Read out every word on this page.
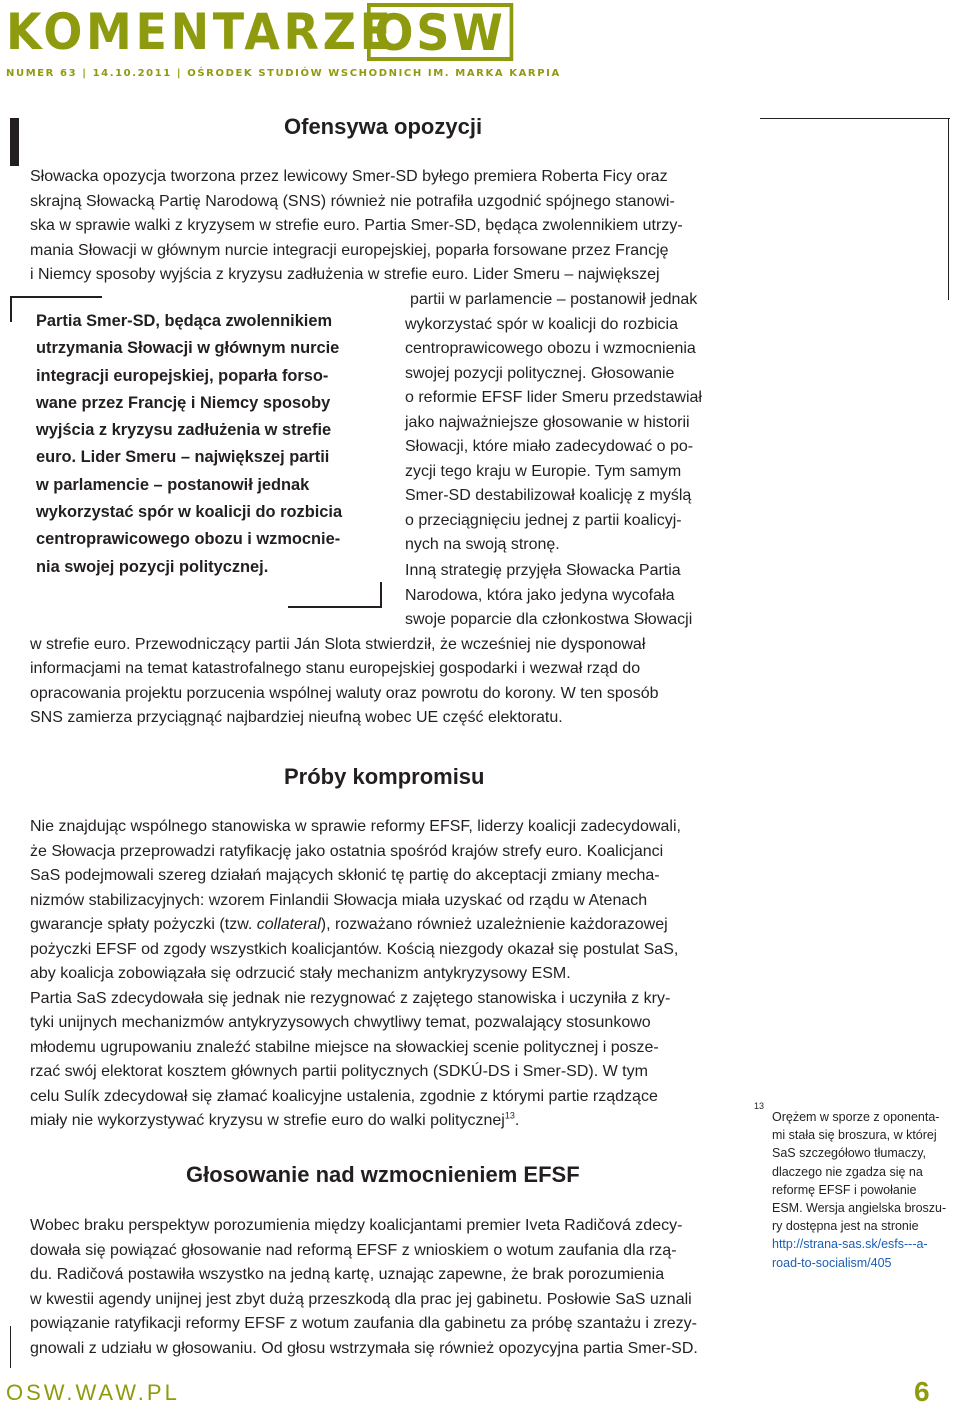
KOMENTARZE
OSW
NUMER 63 | 14.10.2011 | OŚRODEK STUDIÓW WSCHODNICH IM. MARKA KARPIA
Ofensywa opozycji
Słowacka opozycja tworzona przez lewicowy Smer-SD byłego premiera Roberta Ficy oraz
skrajną Słowacką Partię Narodową (SNS) również nie potrafiła uzgodnić spójnego stanowi-
ska w sprawie walki z kryzysem w strefie euro. Partia Smer-SD, będąca zwolennikiem utrzy-
mania Słowacji w głównym nurcie integracji europejskiej, poparła forsowane przez Francję
i Niemcy sposoby wyjścia z kryzysu zadłużenia w strefie euro. Lider Smeru – największej
partii w parlamencie – postanowił jednak
wykorzystać spór w koalicji do rozbicia
centroprawicowego obozu i wzmocnienia
swojej pozycji politycznej. Głosowanie
o reformie EFSF lider Smeru przedstawiał
jako najważniejsze głosowanie w historii
Słowacji, które miało zadecydować o po-
zycji tego kraju w Europie. Tym samym
Smer-SD destabilizował koalicję z myślą
o przeciągnięciu jednej z partii koalicyj-
nych na swoją stronę.
Inną strategię przyjęła Słowacka Partia
Narodowa, która jako jedyna wycofała
swoje poparcie dla członkostwa Słowacji
w strefie euro. Przewodniczący partii Ján Slota stwierdził, że wcześniej nie dysponował
informacjami na temat katastrofalnego stanu europejskiej gospodarki i wezwał rząd do
opracowania projektu porzucenia wspólnej waluty oraz powrotu do korony. W ten sposób
SNS zamierza przyciągnąć najbardziej nieufną wobec UE część elektoratu.
Partia Smer-SD, będąca zwolennikiem
utrzymania Słowacji w głównym nurcie
integracji europejskiej, poparła forso-
wane przez Francję i Niemcy sposoby
wyjścia z kryzysu zadłużenia w strefie
euro. Lider Smeru – największej partii
w parlamencie – postanowił jednak
wykorzystać spór w koalicji do rozbicia
centroprawicowego obozu i wzmocnie-
nia swojej pozycji politycznej.
Próby kompromisu
Nie znajdując wspólnego stanowiska w sprawie reformy EFSF, liderzy koalicji zadecydowali,
że Słowacja przeprowadzi ratyfikację jako ostatnia spośród krajów strefy euro. Koalicjanci
SaS podejmowali szereg działań mających skłonić tę partię do akceptacji zmiany mecha-
nizmów stabilizacyjnych: wzorem Finlandii Słowacja miała uzyskać od rządu w Atenach
gwarancje spłaty pożyczki (tzw.
collateral ), rozważano również uzależnienie każdorazowej
pożyczki EFSF od zgody wszystkich koalicjantów. Kością niezgody okazał się postulat SaS,
aby koalicja zobowiązała się odrzucić stały mechanizm antykryzysowy ESM.
Partia SaS zdecydowała się jednak nie rezygnować z zajętego stanowiska i uczyniła z kry-
tyki unijnych mechanizmów antykryzysowych chwytliwy temat, pozwalający stosunkowo
młodemu ugrupowaniu znaleźć stabilne miejsce na słowackiej scenie politycznej i posze-
rzać swój elektorat kosztem głównych partii politycznych (SDKÚ-DS i Smer-SD). W tym
celu Sulík zdecydował się złamać koalicyjne ustalenia, zgodnie z którymi partie rządzące
miały nie wykorzystywać kryzysu w strefie euro do walki politycznej$^{13}$.
Głosowanie nad wzmocnieniem EFSF
Wobec braku perspektyw porozumienia między koalicjantami premier Iveta Radičová zdecy-
dowała się powiązać głosowanie nad reformą EFSF z wnioskiem o wotum zaufania dla rzą-
du. Radičová postawiła wszystko na jedną kartę, uznając zapewne, że brak porozumienia
w kwestii agendy unijnej jest zbyt dużą przeszkodą dla prac jej gabinetu. Posłowie SaS uznali
powiązanie ratyfikacji reformy EFSF z wotum zaufania dla gabinetu za próbę szantażu i zrezy-
gnowali z udziału w głosowaniu. Od głosu wstrzymała się również opozycyjna partia Smer-SD.
13
Orężem w sporze z oponenta-
mi stała się broszura, w której
SaS szczegółowo tłumaczy,
dlaczego nie zgadza się na
reformę EFSF i powołanie
ESM. Wersja angielska broszu-
ry dostępna jest na stronie
http://strana-sas.sk/esfs---a-
road-to-socialism/405
OSW.WAW.PL	6
